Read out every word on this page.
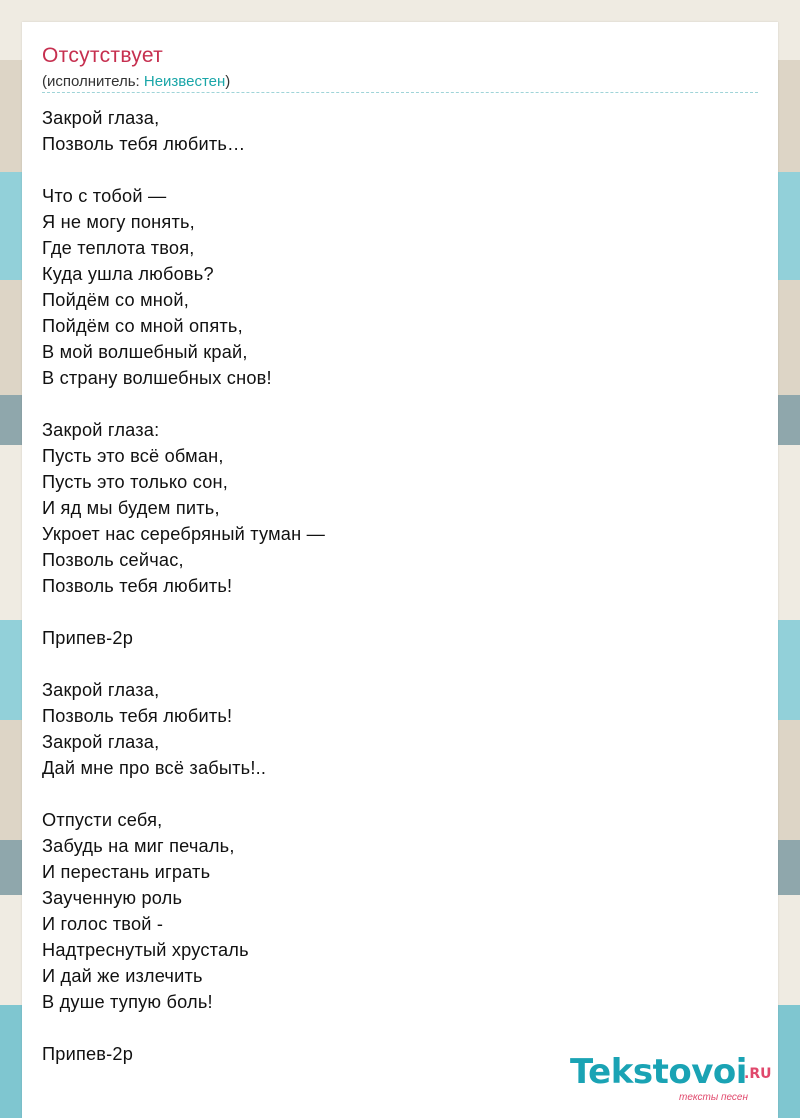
Отсутствует
(исполнитель: Неизвестен)
Закрой глаза,
Позволь тебя любить…
Что с тобой —
Я не могу понять,
Где теплота твоя,
Куда ушла любовь?
Пойдём со мной,
Пойдём со мной опять,
В мой волшебный край,
В страну волшебных снов!
Закрой глаза:
Пусть это всё обман,
Пусть это только сон,
И яд мы будем пить,
Укроет нас серебряный туман —
Позволь сейчас,
Позволь тебя любить!
Припев-2р
Закрой глаза,
Позволь тебя любить!
Закрой глаза,
Дай мне про всё забыть!..
Отпусти себя,
Забудь на миг печаль,
И перестань играть
Заученную роль
И голос твой -
Надтреснутый хрусталь
И дай же излечить
В душе тупую боль!
Припев-2р	Tekstovoi
.RU
тексты песен
